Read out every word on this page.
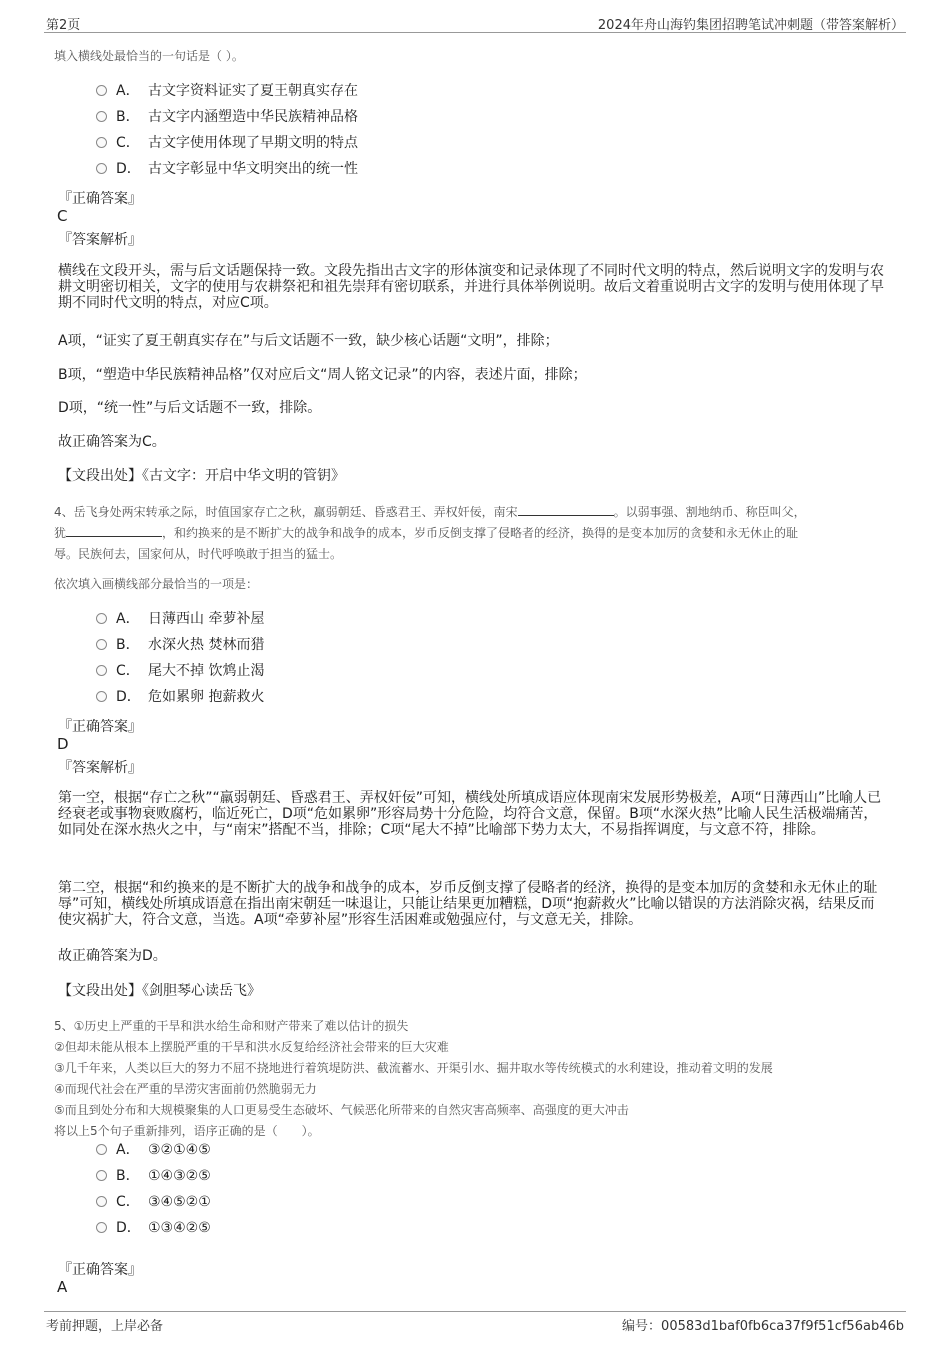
第2页	2024年舟山海钓集团招聘笔试冲刺题（带答案解析）
填入横线处最恰当的一句话是（ ）。
A． 古文字资料证实了夏王朝真实存在
B． 古文字内涵塑造中华民族精神品格
C． 古文字使用体现了早期文明的特点
D． 古文字彰显中华文明突出的统一性
『正确答案』
C
『答案解析』
横线在文段开头，需与后文话题保持一致。文段先指出古文字的形体演变和记录体现了不同时代文明的特点，然后说明文字的发明与农耕文明密切相关，文字的使用与农耕祭祀和祖先崇拜有密切联系，并进行具体举例说明。故后文着重说明古文字的发明与使用体现了早期不同时代文明的特点，对应C项。
A项，“证实了夏王朝真实存在”与后文话题不一致，缺少核心话题“文明”，排除；
B项，“塑造中华民族精神品格”仅对应后文“周人铭文记录”的内容，表述片面，排除；
D项，“统一性”与后文话题不一致，排除。
故正确答案为C。
【文段出处】《古文字：开启中华文明的管钥》
4、岳飞身处两宋转承之际，时值国家存亡之秋，羸弱朝廷、昏惑君王、弄权奸佞，南宋	。以弱事强、割地纳币、称臣叫父，
犹	，和约换来的是不断扩大的战争和战争的成本，岁币反倒支撑了侵略者的经济，换得的是变本加厉的贪婪和永无休止的耻
辱。民族何去，国家何从，时代呼唤敢于担当的猛士。
依次填入画横线部分最恰当的一项是：
A． 日薄西山 牵萝补屋
B． 水深火热 焚林而猎
C． 尾大不掉 饮鸩止渴
D． 危如累卵 抱薪救火
『正确答案』
D
『答案解析』
第一空，根据“存亡之秋”“羸弱朝廷、昏惑君王、弄权奸佞”可知，横线处所填成语应体现南宋发展形势极差，A项“日薄西山”比喻人已经衰老或事物衰败腐朽，临近死亡，D项“危如累卵”形容局势十分危险，均符合文意，保留。B项“水深火热”比喻人民生活极端痛苦，如同处在深水热火之中，与“南宋”搭配不当，排除；C项“尾大不掉”比喻部下势力太大，不易指挥调度，与文意不符，排除。
第二空，根据“和约换来的是不断扩大的战争和战争的成本，岁币反倒支撑了侵略者的经济，换得的是变本加厉的贪婪和永无休止的耻辱”可知，横线处所填成语意在指出南宋朝廷一味退让，只能让结果更加糟糕，D项“抱薪救火”比喻以错误的方法消除灾祸，结果反而使灾祸扩大，符合文意，当选。A项“牵萝补屋”形容生活困难或勉强应付，与文意无关，排除。
故正确答案为D。
【文段出处】《剑胆琴心读岳飞》
5、①历史上严重的干旱和洪水给生命和财产带来了难以估计的损失
②但却未能从根本上摆脱严重的干旱和洪水反复给经济社会带来的巨大灾难
③几千年来，人类以巨大的努力不屈不挠地进行着筑堤防洪、截流蓄水、开渠引水、掘井取水等传统模式的水利建设，推动着文明的发展
④而现代社会在严重的旱涝灾害面前仍然脆弱无力
⑤而且到处分布和大规模聚集的人口更易受生态破坏、气候恶化所带来的自然灾害高频率、高强度的更大冲击
将以上5个句子重新排列，语序正确的是（　　）。
A． ③②①④⑤
B． ①④③②⑤
C． ③④⑤②①
D． ①③④②⑤
『正确答案』
A
考前押题，上岸必备	编号：00583d1baf0fb6ca37f9f51cf56ab46b
